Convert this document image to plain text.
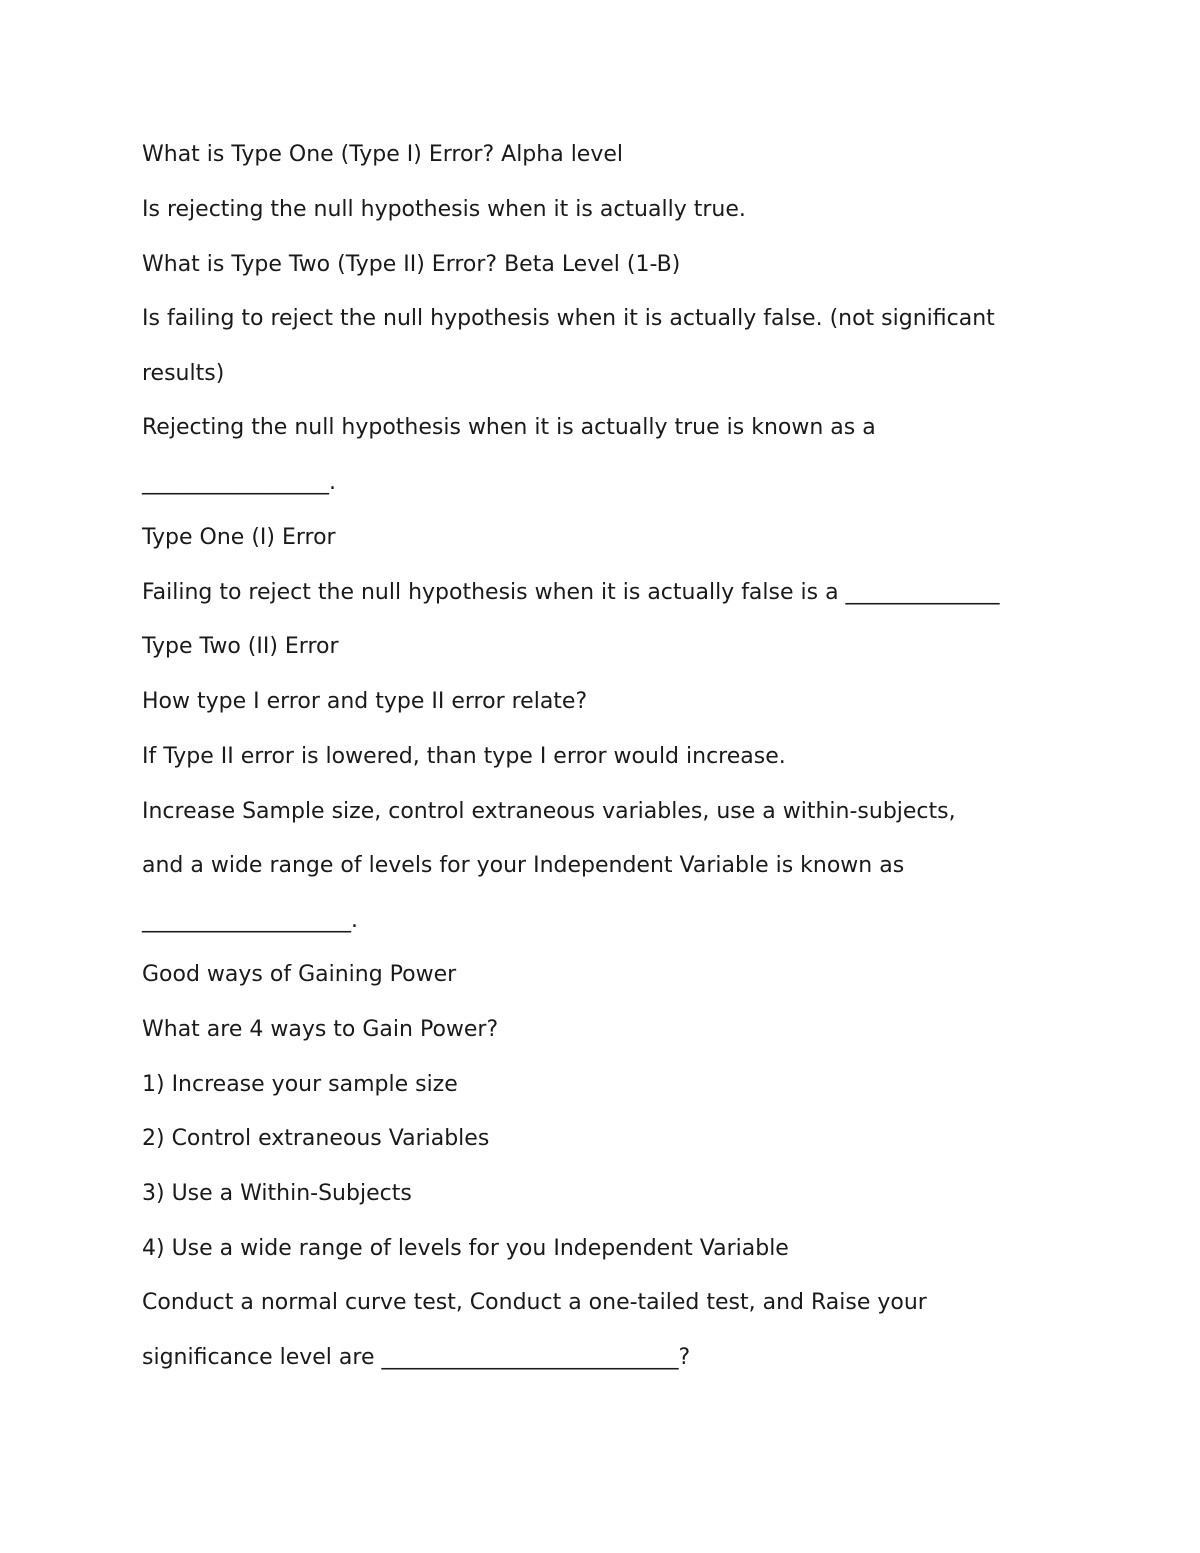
What is Type One (Type I) Error? Alpha level

Is rejecting the null hypothesis when it is actually true.

What is Type Two (Type II) Error? Beta Level (1-B)

Is failing to reject the null hypothesis when it is actually false. (not significant

results)

Rejecting the null hypothesis when it is actually true is known as a

_________________.

Type One (I) Error

Failing to reject the null hypothesis when it is actually false is a ______________

Type Two (II) Error

How type I error and type II error relate?

If Type II error is lowered, than type I error would increase.

Increase Sample size, control extraneous variables, use a within-subjects,

and a wide range of levels for your Independent Variable is known as

___________________.

Good ways of Gaining Power

What are 4 ways to Gain Power?

1) Increase your sample size

2) Control extraneous Variables

3) Use a Within-Subjects

4) Use a wide range of levels for you Independent Variable

Conduct a normal curve test, Conduct a one-tailed test, and Raise your

significance level are ___________________________?
